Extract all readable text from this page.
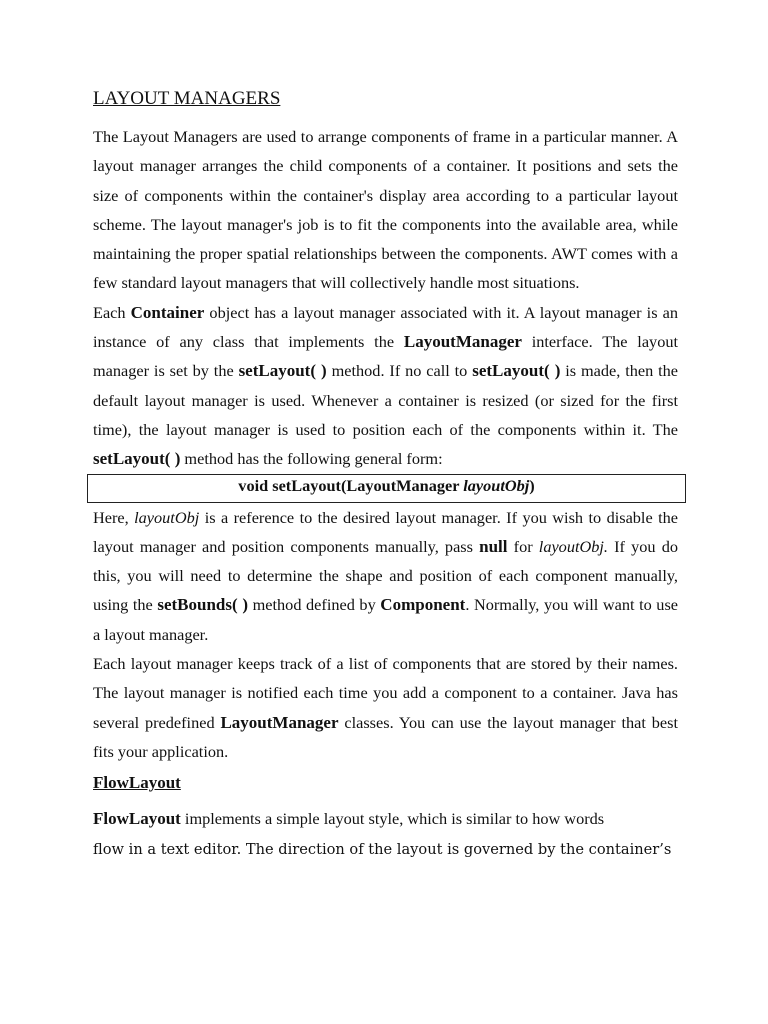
LAYOUT MANAGERS

The Layout Managers are used to arrange components of frame in a particular manner. A layout manager arranges the child components of a container. It positions and sets the size of components within the container's display area according to a particular layout scheme. The layout manager's job is to fit the components into the available area, while maintaining the proper spatial relationships between the components. AWT comes with a few standard layout managers that will collectively handle most situations.

Each Container object has a layout manager associated with it. A layout manager is an instance of any class that implements the LayoutManager interface. The layout manager is set by the setLayout( ) method. If no call to setLayout( ) is made, then the default layout manager is used. Whenever a container is resized (or sized for the first time), the layout manager is used to position each of the components within it. The setLayout( ) method has the following general form:

void setLayout(LayoutManager layoutObj)

Here, layoutObj is a reference to the desired layout manager. If you wish to disable the layout manager and position components manually, pass null for layoutObj. If you do this, you will need to determine the shape and position of each component manually, using the setBounds( ) method defined by Component. Normally, you will want to use a layout manager.

Each layout manager keeps track of a list of components that are stored by their names. The layout manager is notified each time you add a component to a container. Java has several predefined LayoutManager classes. You can use the layout manager that best fits your application.

FlowLayout

FlowLayout implements a simple layout style, which is similar to how words
flow in a text editor. The direction of the layout is governed by the container’s
